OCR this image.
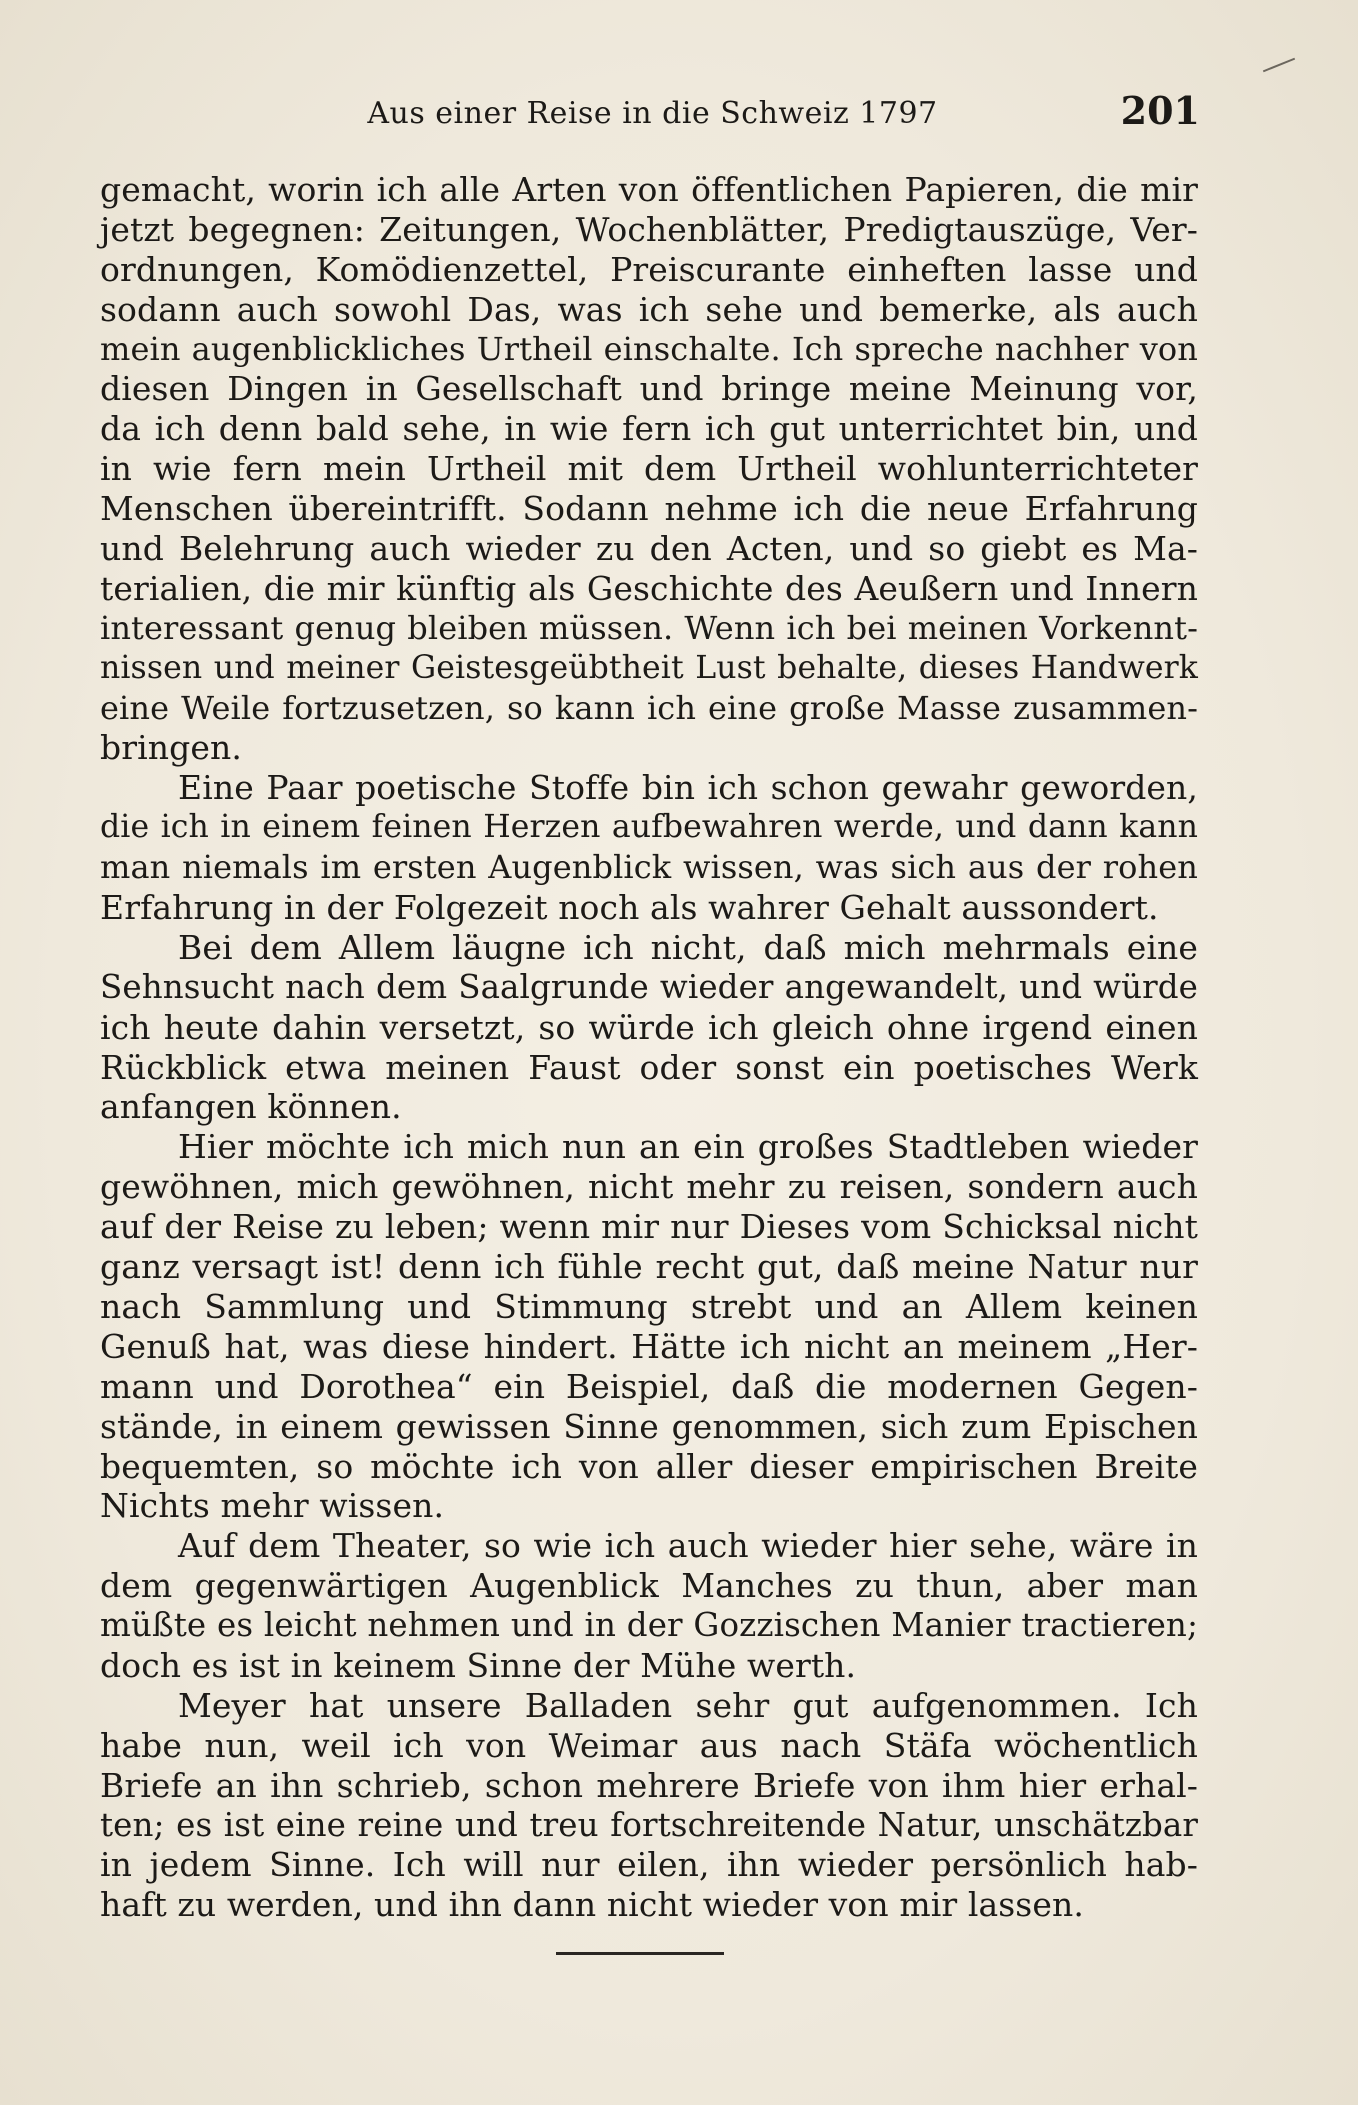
Aus einer Reise in die Schweiz 1797	201
gemacht, worin ich alle Arten von öffentlichen Papieren, die mir
jetzt begegnen: Zeitungen, Wochenblätter, Predigtauszüge, Ver-
ordnungen, Komödienzettel, Preiscurante einheften lasse und
sodann auch sowohl Das, was ich sehe und bemerke, als auch
mein augenblickliches Urtheil einschalte. Ich spreche nachher von
diesen Dingen in Gesellschaft und bringe meine Meinung vor,
da ich denn bald sehe, in wie fern ich gut unterrichtet bin, und
in wie fern mein Urtheil mit dem Urtheil wohlunterrichteter
Menschen übereintrifft. Sodann nehme ich die neue Erfahrung
und Belehrung auch wieder zu den Acten, und so giebt es Ma-
terialien, die mir künftig als Geschichte des Aeußern und Innern
interessant genug bleiben müssen. Wenn ich bei meinen Vorkennt-
nissen und meiner Geistesgeübtheit Lust behalte, dieses Handwerk
eine Weile fortzusetzen, so kann ich eine große Masse zusammen-
bringen.
Eine Paar poetische Stoffe bin ich schon gewahr geworden,
die ich in einem feinen Herzen aufbewahren werde, und dann kann
man niemals im ersten Augenblick wissen, was sich aus der rohen
Erfahrung in der Folgezeit noch als wahrer Gehalt aussondert.
Bei dem Allem läugne ich nicht, daß mich mehrmals eine
Sehnsucht nach dem Saalgrunde wieder angewandelt, und würde
ich heute dahin versetzt, so würde ich gleich ohne irgend einen
Rückblick etwa meinen Faust oder sonst ein poetisches Werk
anfangen können.
Hier möchte ich mich nun an ein großes Stadtleben wieder
gewöhnen, mich gewöhnen, nicht mehr zu reisen, sondern auch
auf der Reise zu leben; wenn mir nur Dieses vom Schicksal nicht
ganz versagt ist! denn ich fühle recht gut, daß meine Natur nur
nach Sammlung und Stimmung strebt und an Allem keinen
Genuß hat, was diese hindert. Hätte ich nicht an meinem „Her-
mann und Dorothea“ ein Beispiel, daß die modernen Gegen-
stände, in einem gewissen Sinne genommen, sich zum Epischen
bequemten, so möchte ich von aller dieser empirischen Breite
Nichts mehr wissen.
Auf dem Theater, so wie ich auch wieder hier sehe, wäre in
dem gegenwärtigen Augenblick Manches zu thun, aber man
müßte es leicht nehmen und in der Gozzischen Manier tractieren;
doch es ist in keinem Sinne der Mühe werth.
Meyer hat unsere Balladen sehr gut aufgenommen. Ich
habe nun, weil ich von Weimar aus nach Stäfa wöchentlich
Briefe an ihn schrieb, schon mehrere Briefe von ihm hier erhal-
ten; es ist eine reine und treu fortschreitende Natur, unschätzbar
in jedem Sinne. Ich will nur eilen, ihn wieder persönlich hab-
haft zu werden, und ihn dann nicht wieder von mir lassen.
